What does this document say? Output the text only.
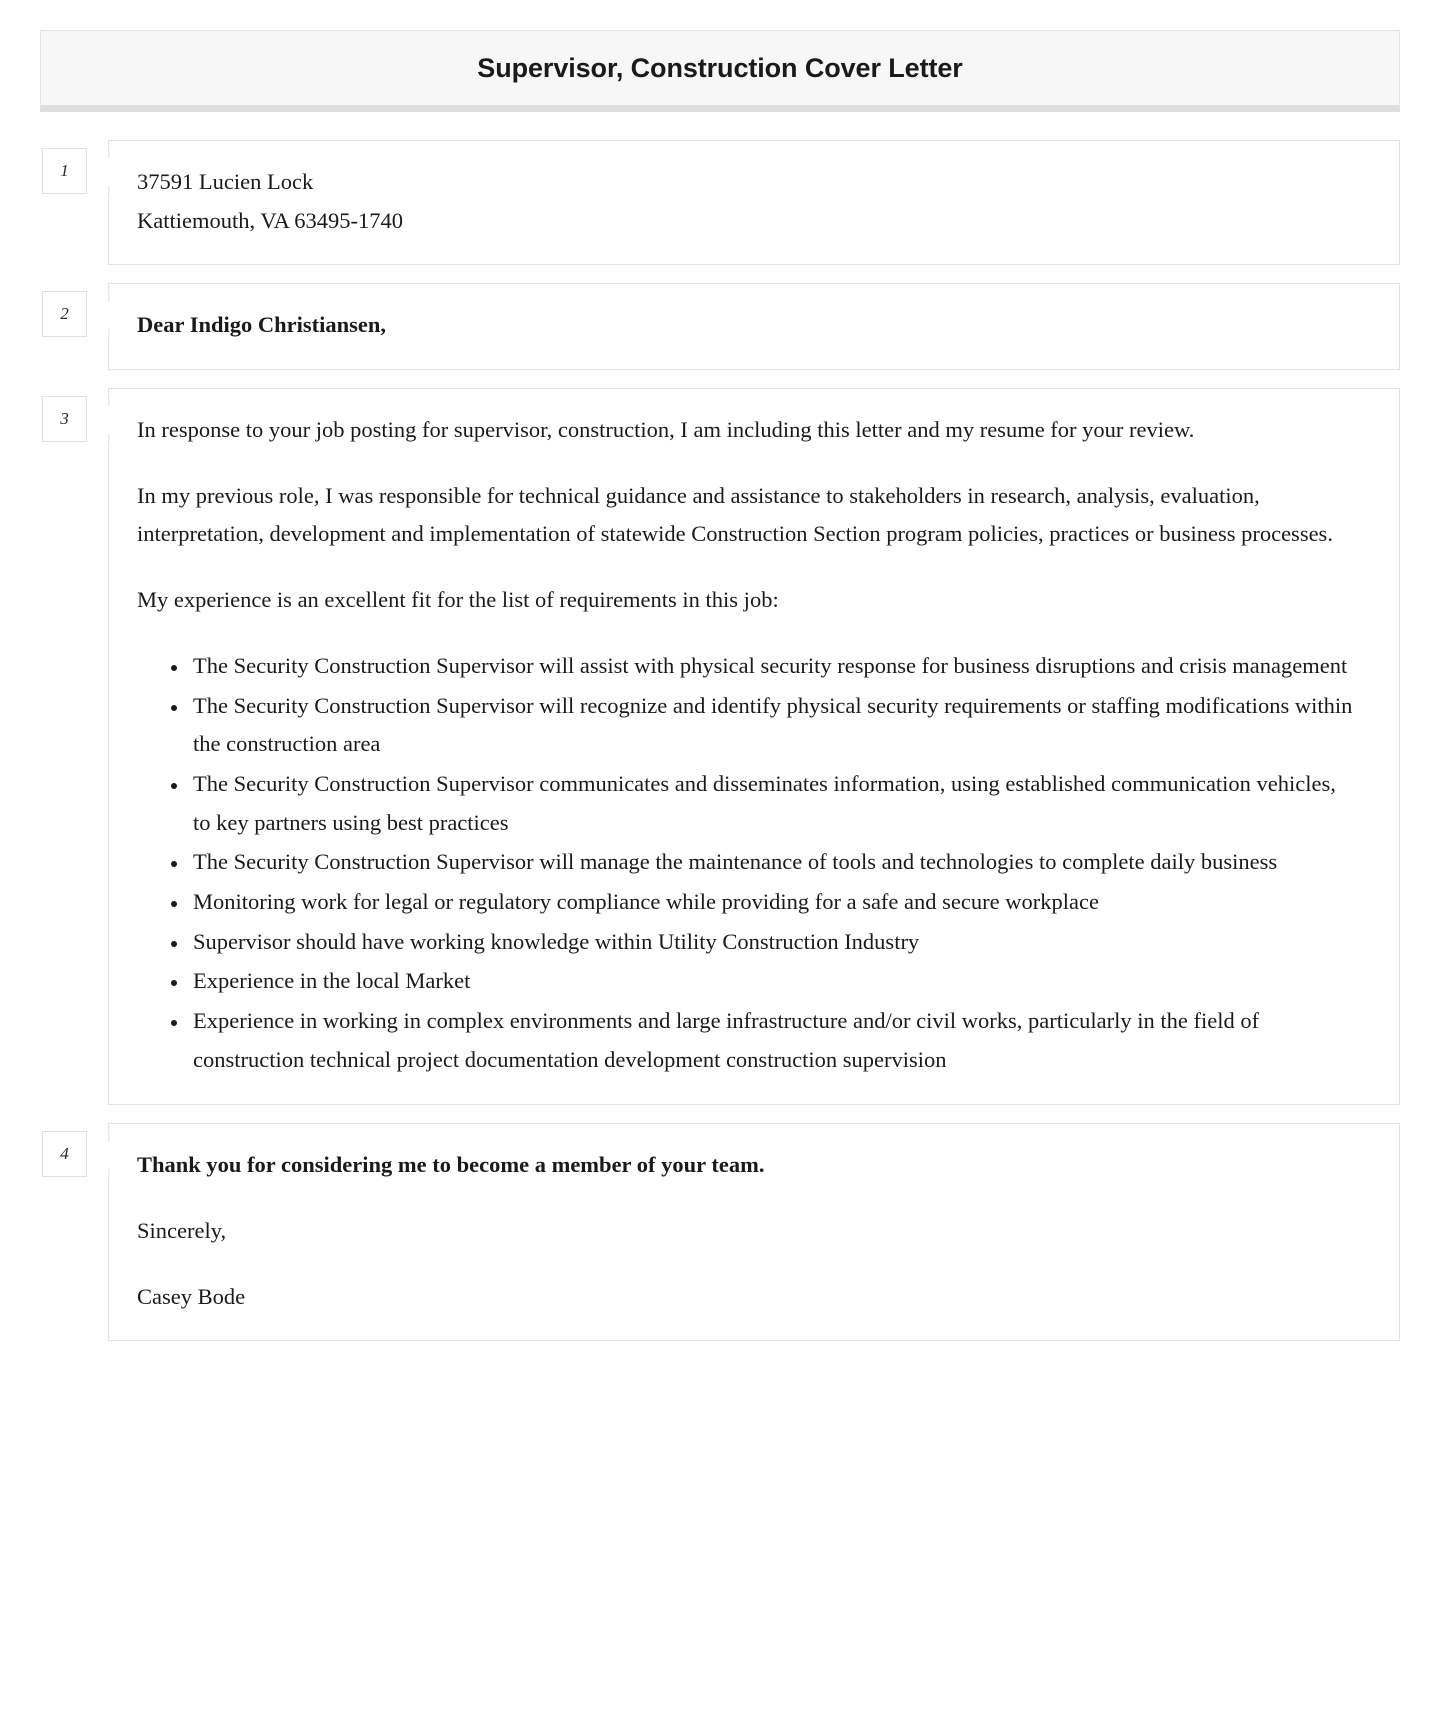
Supervisor, Construction Cover Letter
1	37591 Lucien Lock
Kattiemouth, VA 63495-1740
2	Dear Indigo Christiansen,
3	In response to your job posting for supervisor, construction, I am including this letter and my resume for your review.

In my previous role, I was responsible for technical guidance and assistance to stakeholders in research, analysis, evaluation, interpretation, development and implementation of statewide Construction Section program policies, practices or business processes.

My experience is an excellent fit for the list of requirements in this job:

• The Security Construction Supervisor will assist with physical security response for business disruptions and crisis management
• The Security Construction Supervisor will recognize and identify physical security requirements or staffing modifications within the construction area
• The Security Construction Supervisor communicates and disseminates information, using established communication vehicles, to key partners using best practices
• The Security Construction Supervisor will manage the maintenance of tools and technologies to complete daily business
• Monitoring work for legal or regulatory compliance while providing for a safe and secure workplace
• Supervisor should have working knowledge within Utility Construction Industry
• Experience in the local Market
• Experience in working in complex environments and large infrastructure and/or civil works, particularly in the field of construction technical project documentation development construction supervision
4	Thank you for considering me to become a member of your team.

Sincerely,

Casey Bode
